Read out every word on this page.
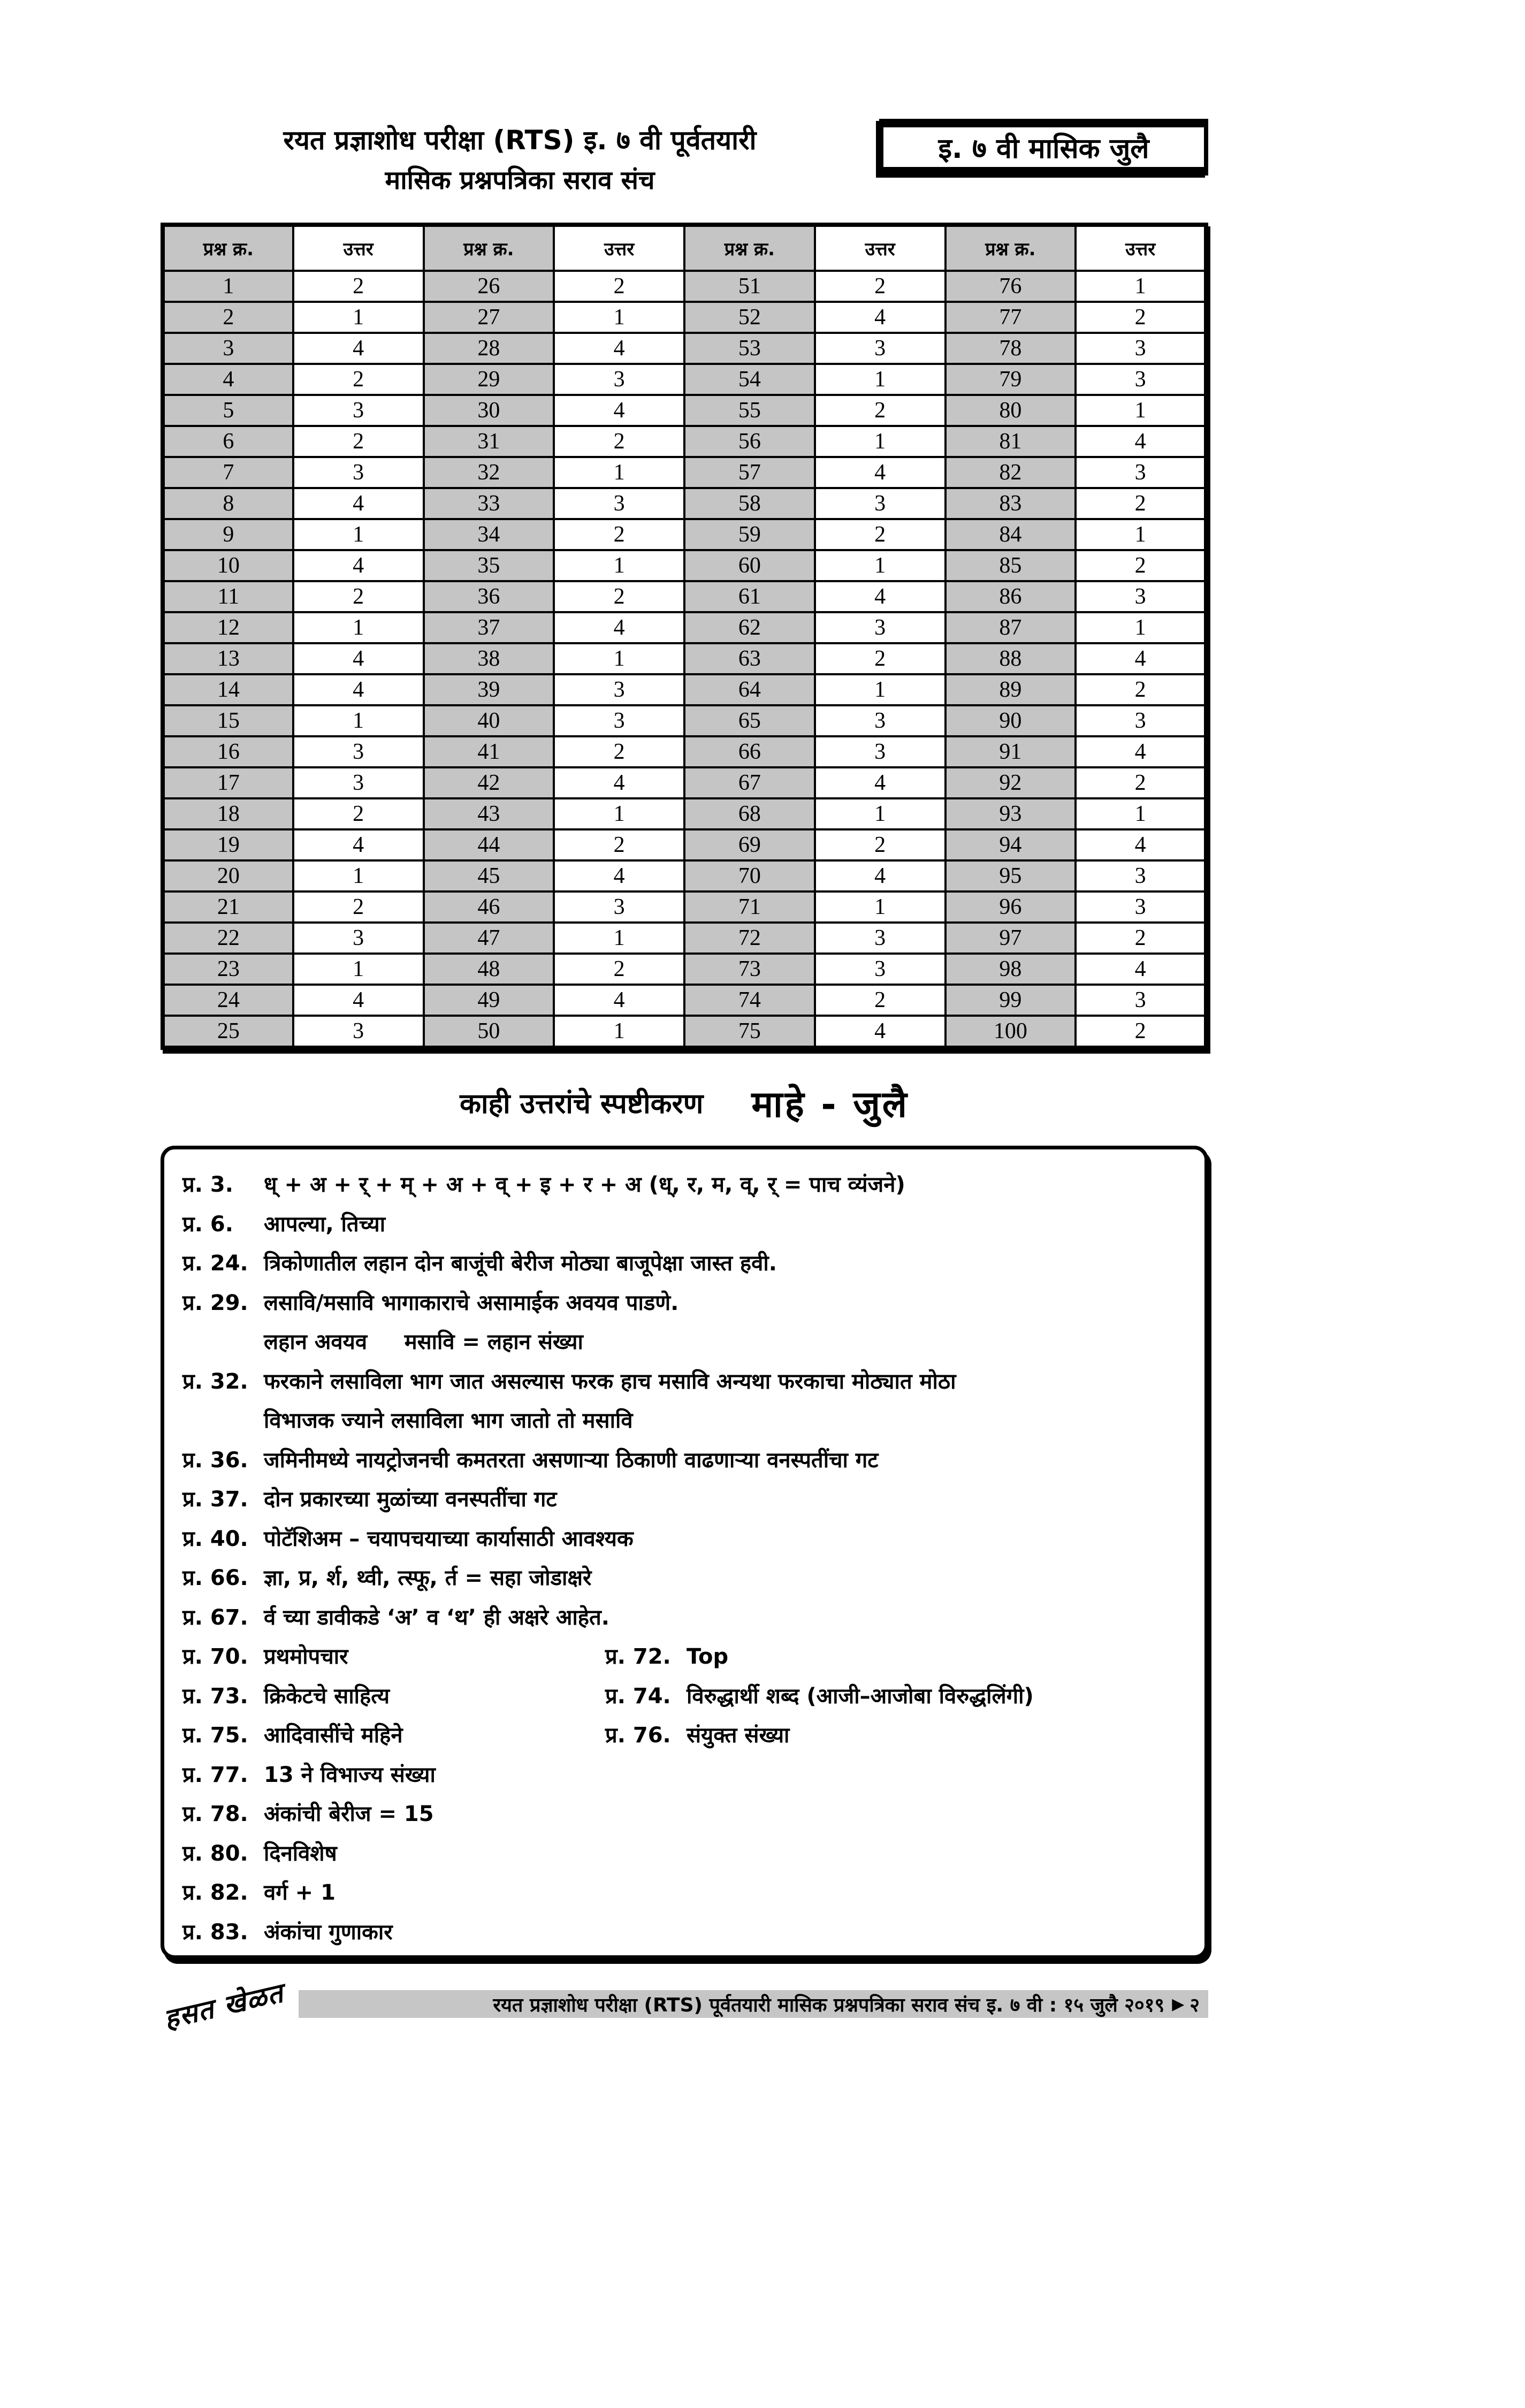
रयत प्रज्ञाशोध परीक्षा (RTS) इ. ७ वी पूर्वतयारी
मासिक प्रश्नपत्रिका सराव संच
इ. ७ वी मासिक जुलै
प्रश्न क्र.	उत्तर	प्रश्न क्र.	उत्तर	प्रश्न क्र.	उत्तर	प्रश्न क्र.	उत्तर
1	2	26	2	51	2	76	1
2	1	27	1	52	4	77	2
3	4	28	4	53	3	78	3
4	2	29	3	54	1	79	3
5	3	30	4	55	2	80	1
6	2	31	2	56	1	81	4
7	3	32	1	57	4	82	3
8	4	33	3	58	3	83	2
9	1	34	2	59	2	84	1
10	4	35	1	60	1	85	2
11	2	36	2	61	4	86	3
12	1	37	4	62	3	87	1
13	4	38	1	63	2	88	4
14	4	39	3	64	1	89	2
15	1	40	3	65	3	90	3
16	3	41	2	66	3	91	4
17	3	42	4	67	4	92	2
18	2	43	1	68	1	93	1
19	4	44	2	69	2	94	4
20	1	45	4	70	4	95	3
21	2	46	3	71	1	96	3
22	3	47	1	72	3	97	2
23	1	48	2	73	3	98	4
24	4	49	4	74	2	99	3
25	3	50	1	75	4	100	2
काही उत्तरांचे स्पष्टीकरण माहे - जुलै
प्र. 3. ध् + अ + र् + म् + अ + व् + इ + र + अ (ध्, र, म, व्, र् = पाच व्यंजने)
प्र. 6. आपल्या, तिच्या
प्र. 24. त्रिकोणातील लहान दोन बाजूंची बेरीज मोठ्या बाजूपेक्षा जास्त हवी.
प्र. 29. लसावि/मसावि भागाकाराचे असामाईक अवयव पाडणे.
लहान अवयव     मसावि = लहान संख्या
प्र. 32. फरकाने लसाविला भाग जात असल्यास फरक हाच मसावि अन्यथा फरकाचा मोठ्यात मोठा
विभाजक ज्याने लसाविला भाग जातो तो मसावि
प्र. 36. जमिनीमध्ये नायट्रोजनची कमतरता असणाऱ्या ठिकाणी वाढणाऱ्या वनस्पतींचा गट
प्र. 37. दोन प्रकारच्या मुळांच्या वनस्पतींचा गट
प्र. 40. पोटॅशिअम – चयापचयाच्या कार्यासाठी आवश्यक
प्र. 66. ज्ञा, प्र, र्श, थ्वी, त्स्फू, र्त = सहा जोडाक्षरे
प्र. 67. र्व च्या डावीकडे ‘अ’ व ‘थ’ ही अक्षरे आहेत.
प्र. 70. प्रथमोपचार	प्र. 72. Top
प्र. 73. क्रिकेटचे साहित्य	प्र. 74. विरुद्धार्थी शब्द (आजी–आजोबा विरुद्धलिंगी)
प्र. 75. आदिवासींचे महिने	प्र. 76. संयुक्त संख्या
प्र. 77. 13 ने विभाज्य संख्या
प्र. 78. अंकांची बेरीज = 15
प्र. 80. दिनविशेष
प्र. 82. वर्ग + 1
प्र. 83. अंकांचा गुणाकार
हसत खेळत	रयत प्रज्ञाशोध परीक्षा (RTS) पूर्वतयारी मासिक प्रश्नपत्रिका सराव संच इ. ७ वी : १५ जुलै २०१९ ▶ २
